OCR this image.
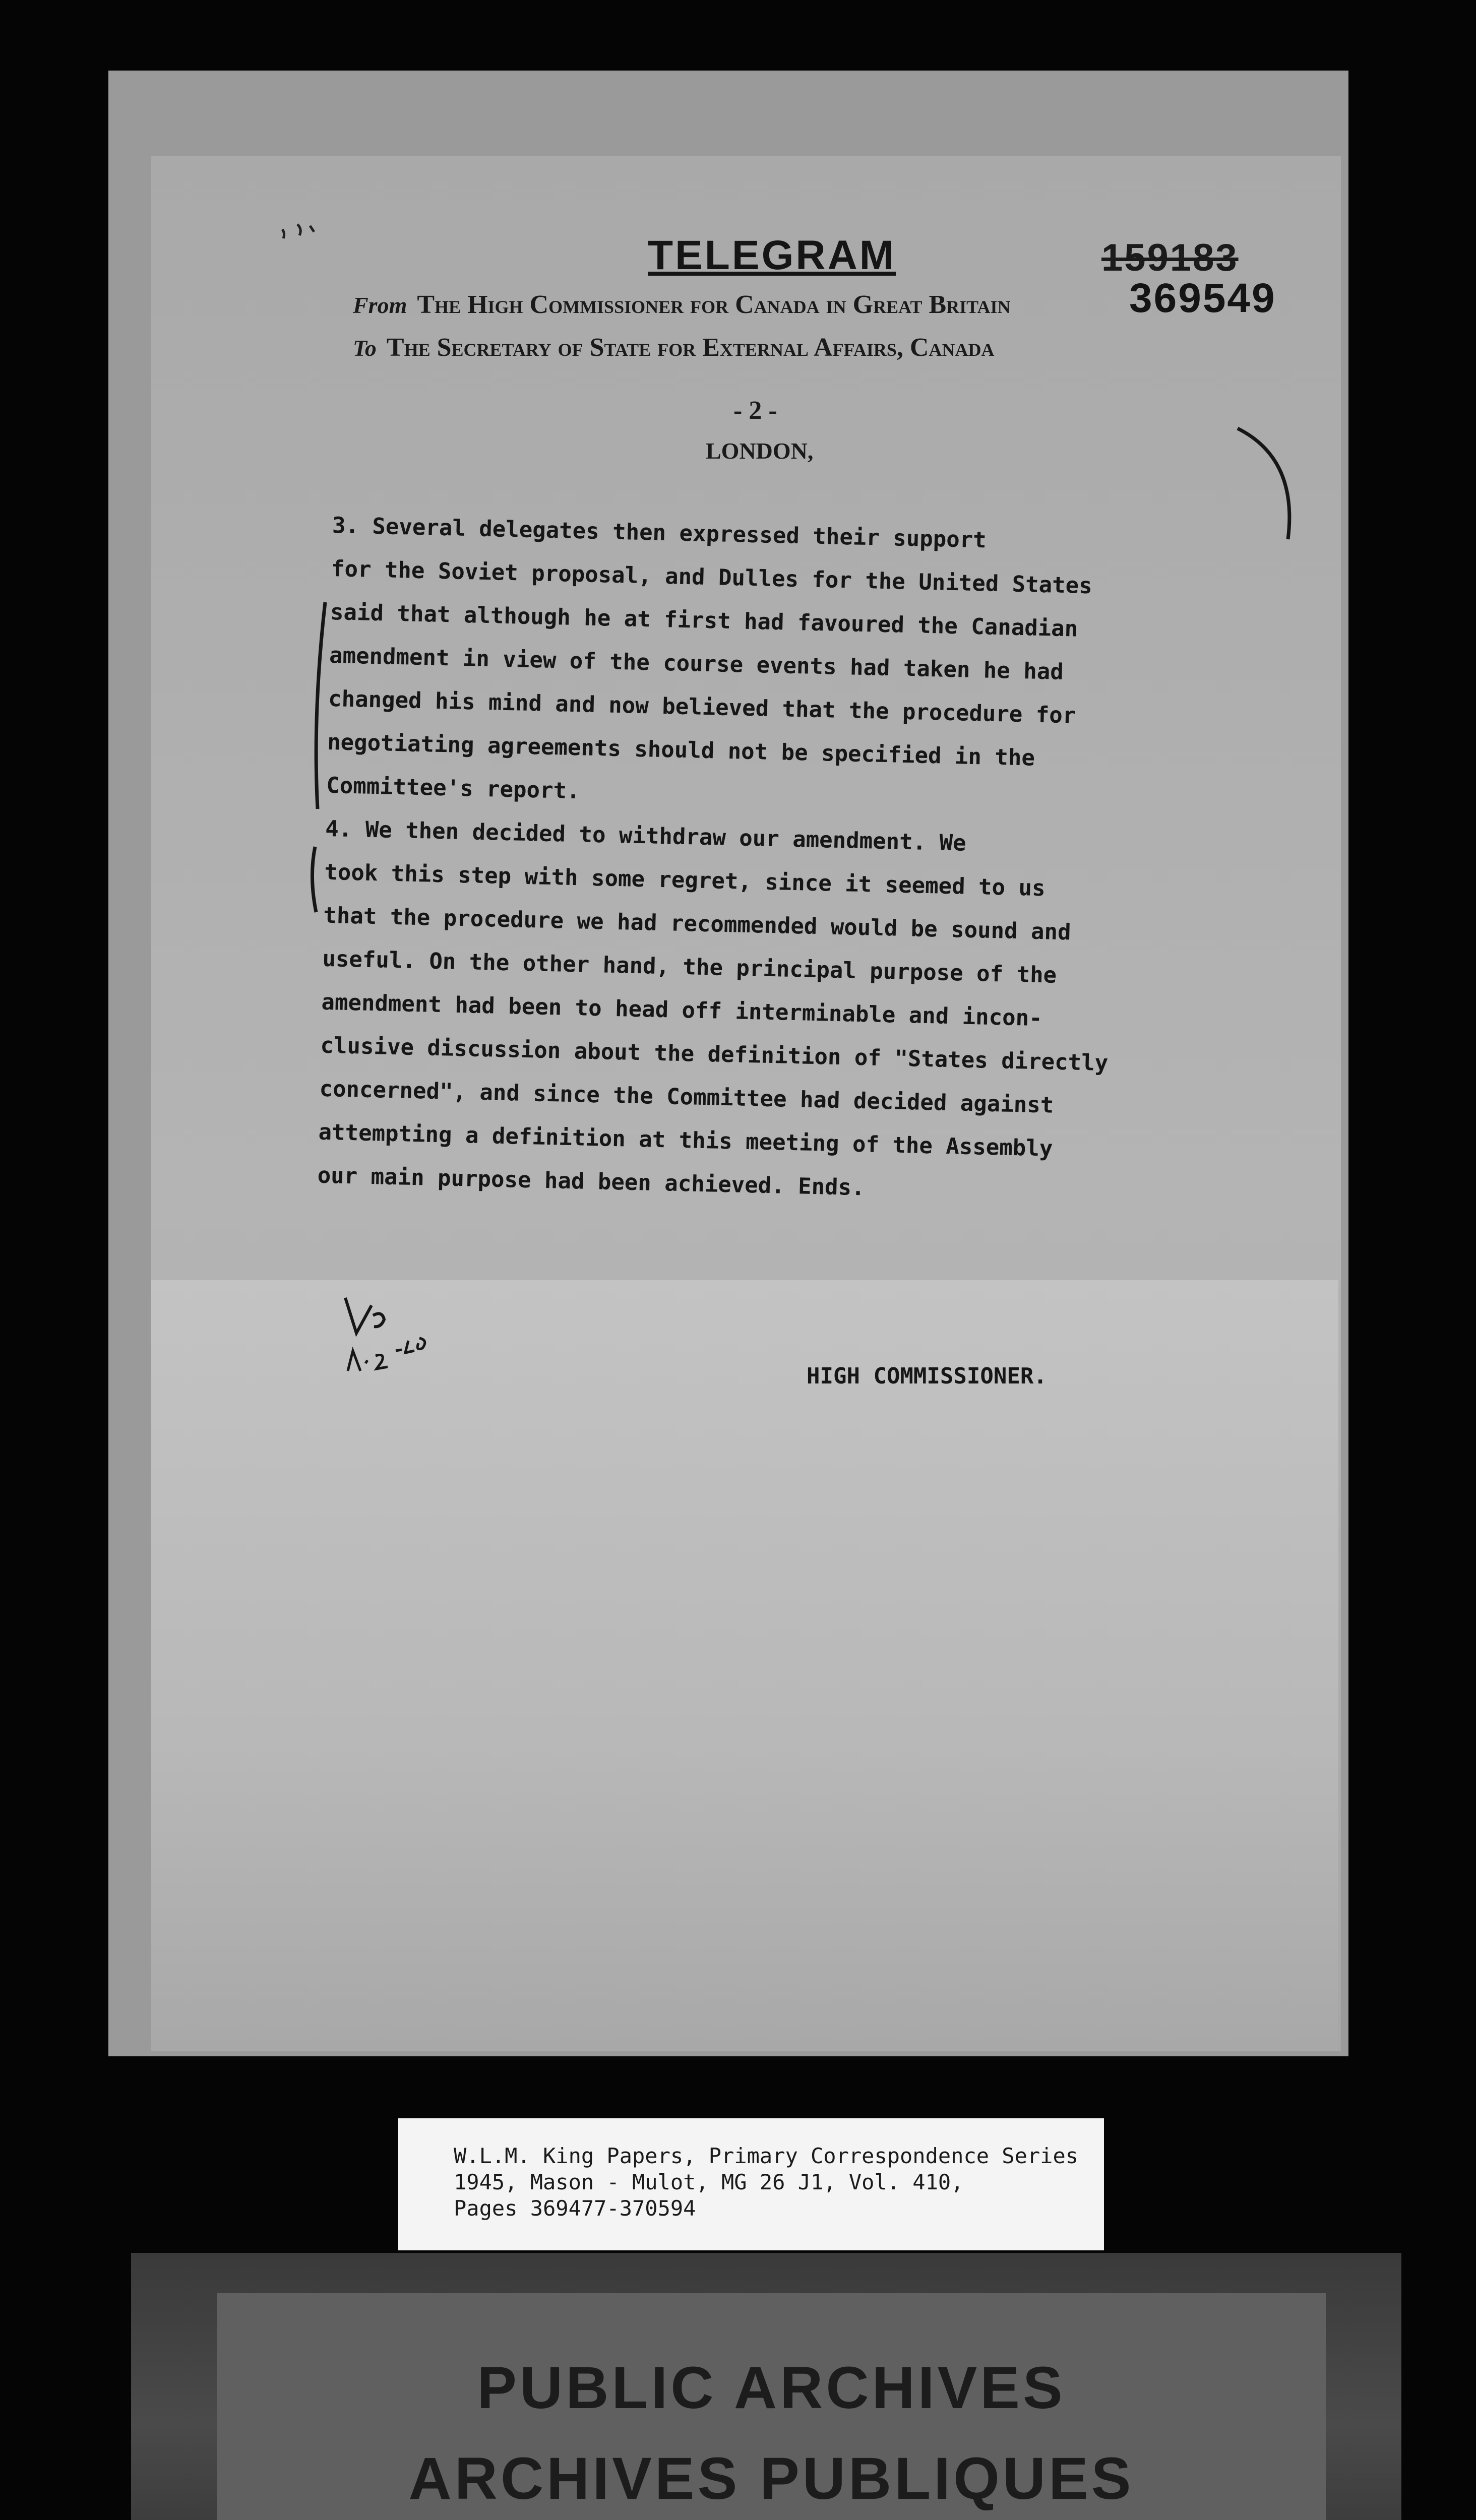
TELEGRAM	159183
369549
From The High Commissioner for Canada in Great Britain
To The Secretary of State for External Affairs, Canada
- 2 -
LONDON,
3. Several delegates then expressed their support
for the Soviet proposal, and Dulles for the United States
said that although he at first had favoured the Canadian
amendment in view of the course events had taken he had
changed his mind and now believed that the procedure for
negotiating agreements should not be specified in the
Committee's report.
4. We then decided to withdraw our amendment. We
took this step with some regret, since it seemed to us
that the procedure we had recommended would be sound and
useful. On the other hand, the principal purpose of the
amendment had been to head off interminable and incon-
clusive discussion about the definition of "States directly
concerned", and since the Committee had decided against
attempting a definition at this meeting of the Assembly
our main purpose had been achieved. Ends.
HIGH COMMISSIONER.
W.L.M. King Papers, Primary Correspondence Series
1945, Mason - Mulot, MG 26 J1, Vol. 410,
Pages 369477-370594
PUBLIC ARCHIVES
ARCHIVES PUBLIQUES
